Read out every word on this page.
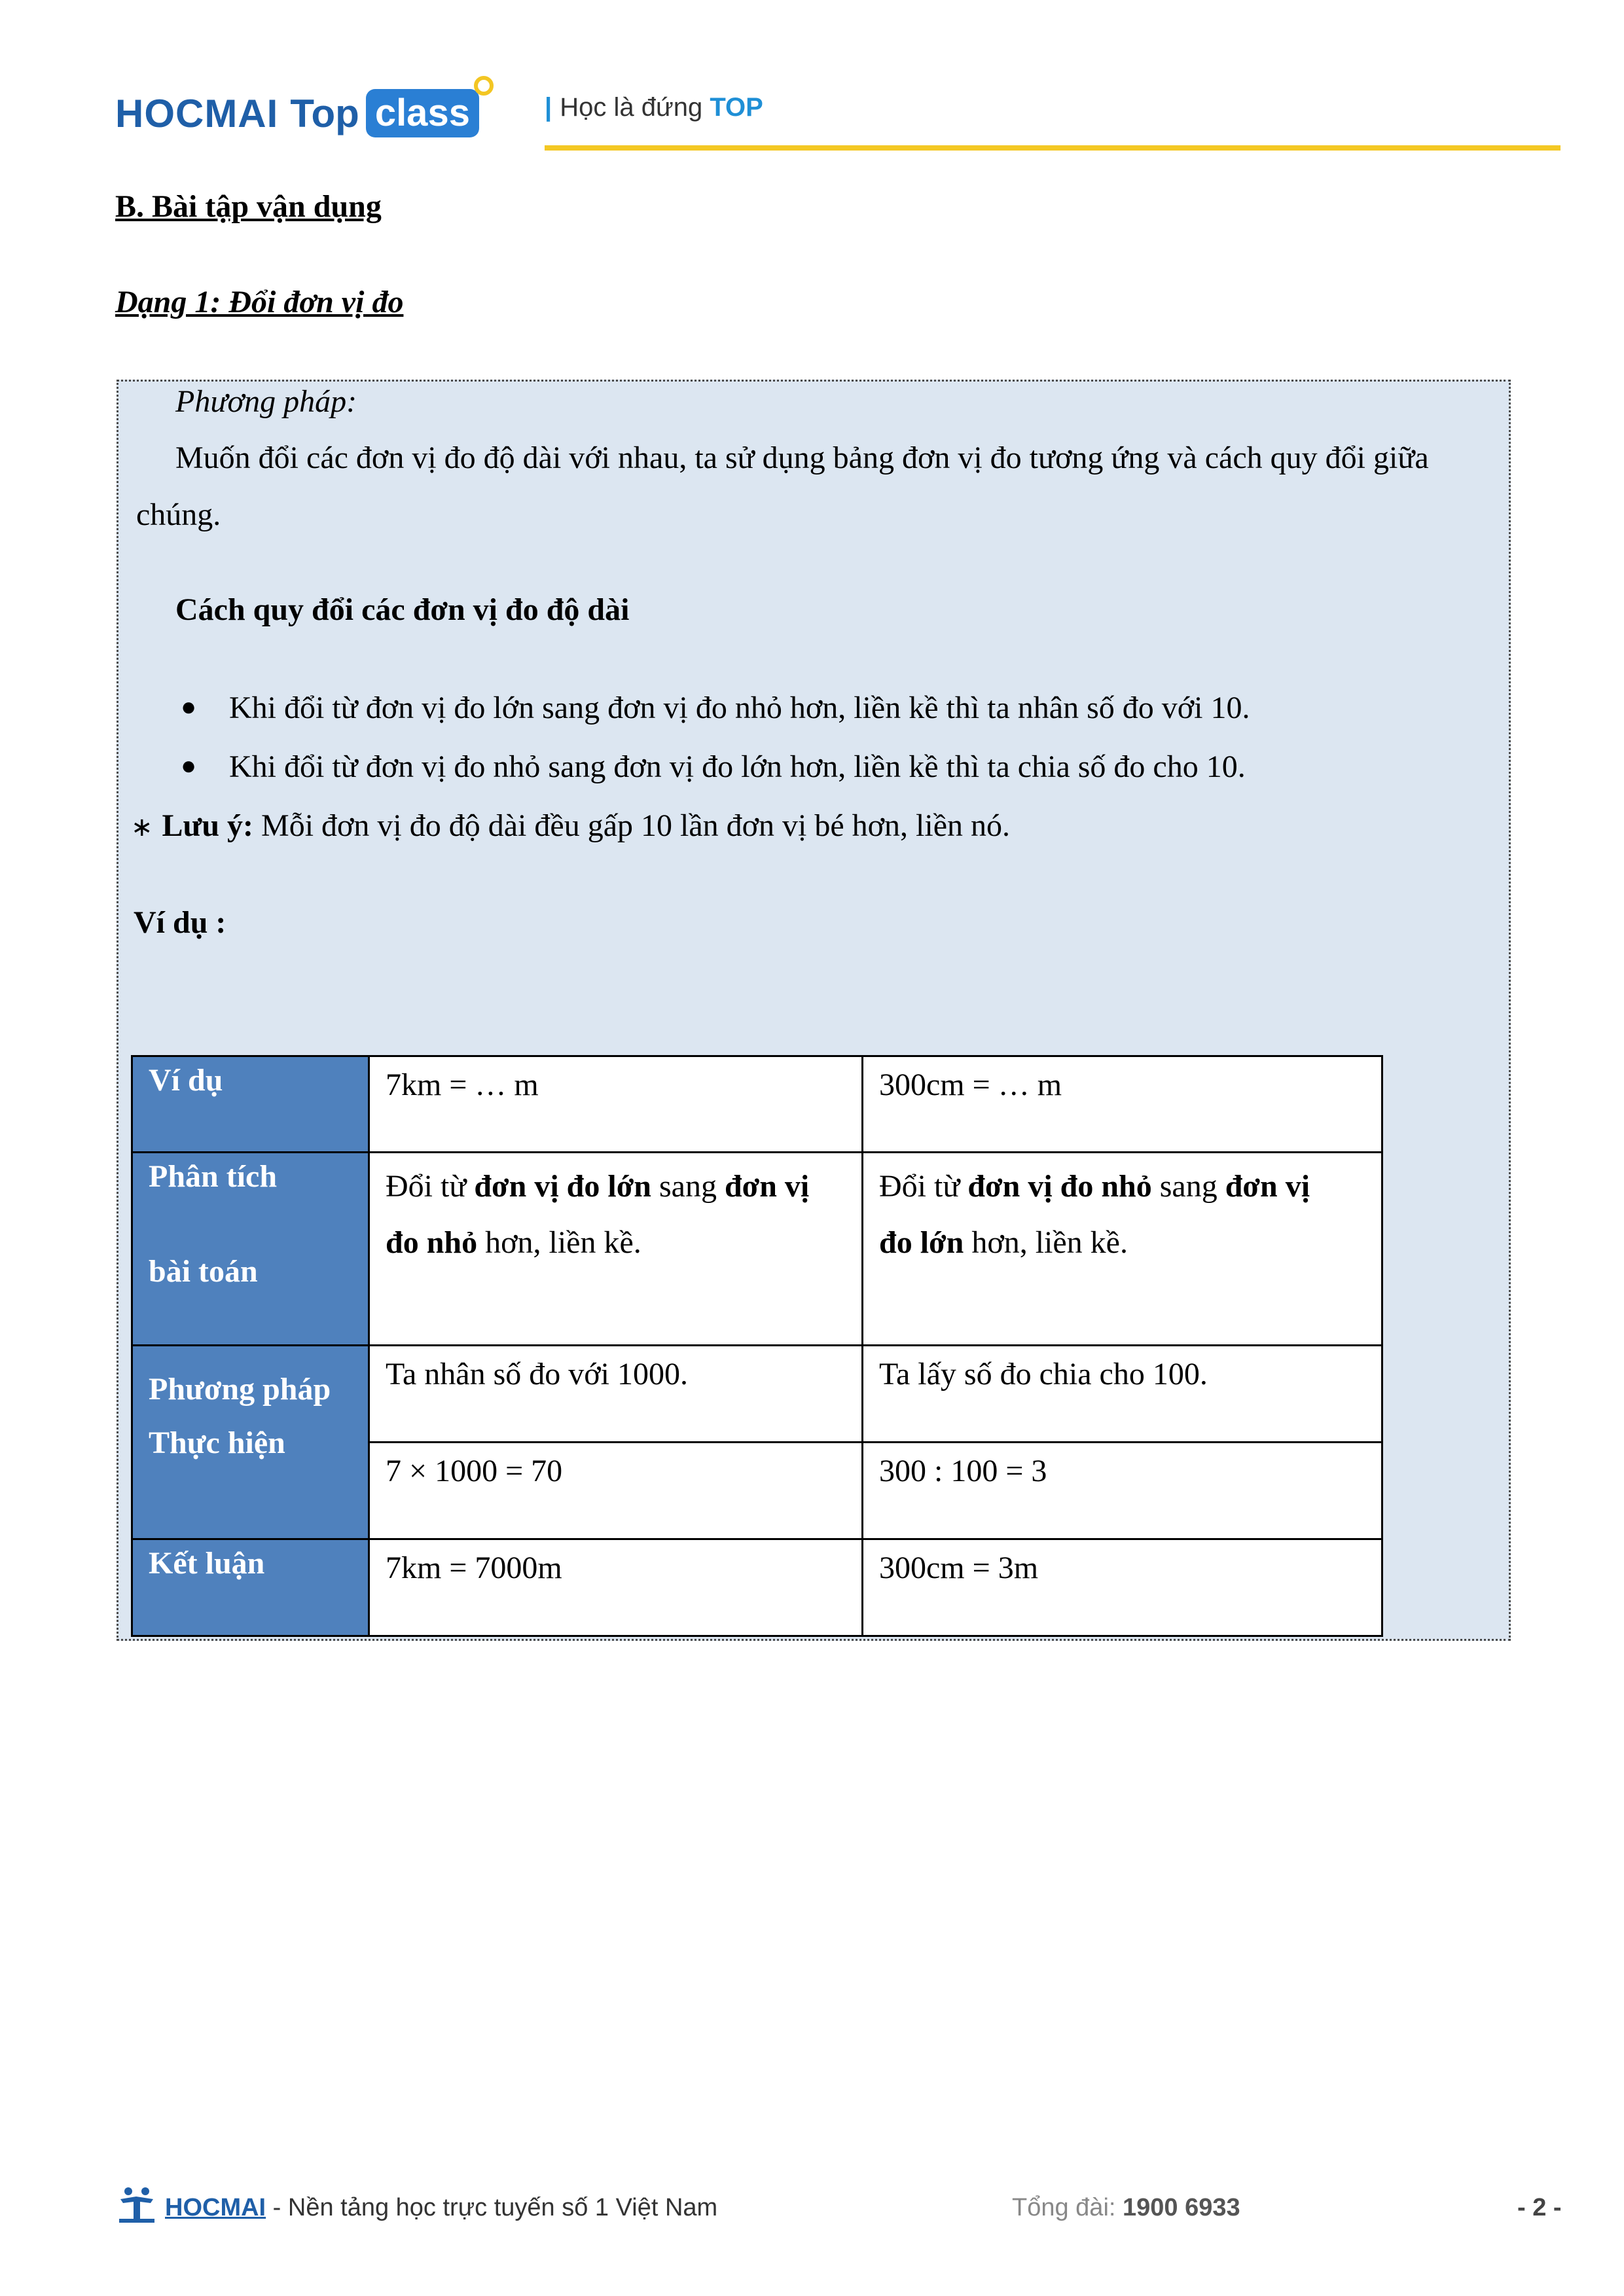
HOCMAI Top class	| Học là đứng TOP
B. Bài tập vận dụng
Dạng 1: Đổi đơn vị đo
Phương pháp:
Muốn đổi các đơn vị đo độ dài với nhau, ta sử dụng bảng đơn vị đo tương ứng và cách quy đổi giữa
chúng.
Cách quy đổi các đơn vị đo độ dài
● Khi đổi từ đơn vị đo lớn sang đơn vị đo nhỏ hơn, liền kề thì ta nhân số đo với 10.
● Khi đổi từ đơn vị đo nhỏ sang đơn vị đo lớn hơn, liền kề thì ta chia số đo cho 10.
∗ Lưu ý: Mỗi đơn vị đo độ dài đều gấp 10 lần đơn vị bé hơn, liền nó.
Ví dụ :
Ví dụ	7km = … m	300cm = … m

Phân tích
bài toán	Đổi từ đơn vị đo lớn sang đơn vị
đo nhỏ hơn, liền kề.	Đổi từ đơn vị đo nhỏ sang đơn vị
đo lớn hơn, liền kề.

Phương pháp
Thực hiện	Ta nhân số đo với 1000.	Ta lấy số đo chia cho 100.
	7 × 1000 = 70	300 : 100 = 3
Kết luận	7km = 7000m	300cm = 3m
HOCMAI - Nền tảng học trực tuyến số 1 Việt Nam	Tổng đài: 1900 6933	- 2 -
